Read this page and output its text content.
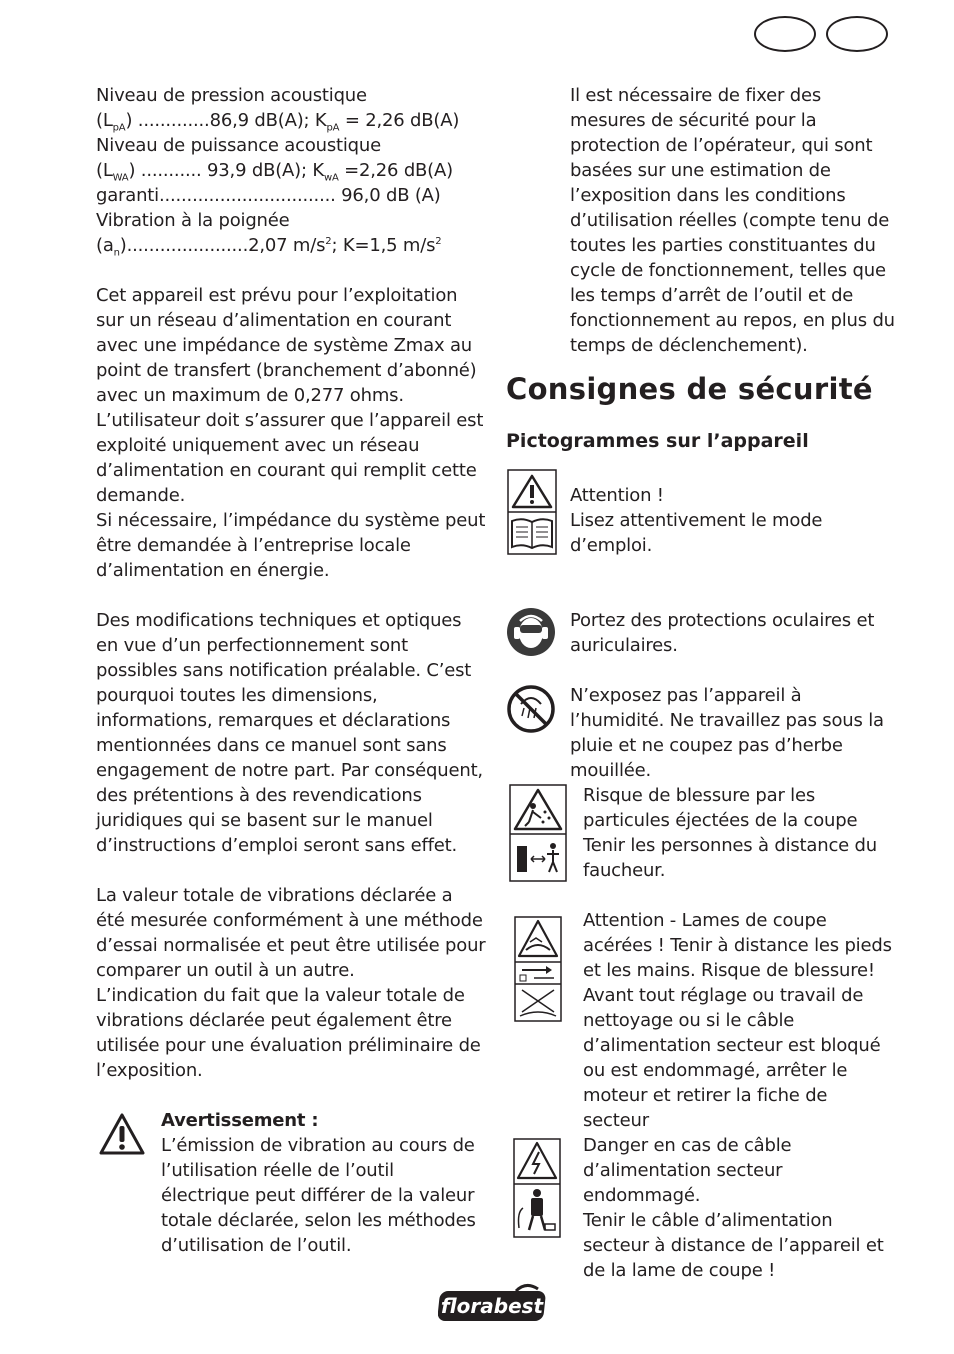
Niveau de pression acoustique

$(L_{pA})$ .............86,9 dB(A); $K_{pA} = 2,26$ dB(A)

Niveau de puissance acoustique

$(L_{WA})$ ........... 93,9 dB(A); $K_{wA} =2,26$ dB(A)

garanti................................ 96,0 dB (A)

Vibration à la poignée

$(a_n)......................2,07$ $m/s^2$; K=1,5 $m/s^2$

Cet appareil est prévu pour l’exploitation sur un réseau d’alimentation en courant avec une impédance de système Zmax au point de transfert (branchement d’abonné) avec un maximum de 0,277 ohms. L’utilisateur doit s’assurer que l’appareil est exploité uniquement avec un réseau d’alimentation en courant qui remplit cette demande.

Si nécessaire, l’impédance du système peut être demandée à l’entreprise locale d’alimentation en énergie.

Des modifications techniques et optiques en vue d’un perfectionnement sont possibles sans notification préalable. C’est pourquoi toutes les dimensions, informations, remarques et déclarations mentionnées dans ce manuel sont sans engagement de notre part. Par conséquent, des prétentions à des revendications juridiques qui se basent sur le manuel d’instructions d’emploi seront sans effet.

La valeur totale de vibrations déclarée a été mesurée conformément à une méthode d’essai normalisée et peut être utilisée pour comparer un outil à un autre.

L’indication du fait que la valeur totale de vibrations déclarée peut également être utilisée pour une évaluation préliminaire de l’exposition.

Avertissement :

L’émission de vibration au cours de l’utilisation réelle de l’outil électrique peut différer de la valeur totale déclarée, selon les méthodes d’utilisation de l’outil.

Il est nécessaire de fixer des mesures de sécurité pour la protection de l’opérateur, qui sont basées sur une estimation de l’exposition dans les conditions d’utilisation réelles (compte tenu de toutes les parties constituantes du cycle de fonctionnement, telles que les temps d’arrêt de l’outil et de fonctionnement au repos, en plus du temps de déclenchement).

Consignes de sécurité
Pictogrammes sur l’appareil

Attention !

Lisez attentivement le mode d’emploi.

Portez des protections oculaires et auriculaires.

N’exposez pas l’appareil à l’humidité. Ne travaillez pas sous la pluie et ne coupez pas d’herbe mouillée.

Risque de blessure par les particules éjectées de la coupe

Tenir les personnes à distance du faucheur.

Attention - Lames de coupe acérées ! Tenir à distance les pieds et les mains. Risque de blessure! Avant tout réglage ou travail de nettoyage ou si le câble d’alimentation secteur est bloqué ou est endommagé, arrêter le moteur et retirer la fiche de secteur

Danger en cas de câble d’alimentation secteur endommagé.

Tenir le câble d’alimentation secteur à distance de l’appareil et de la lame de coupe !

florabest
